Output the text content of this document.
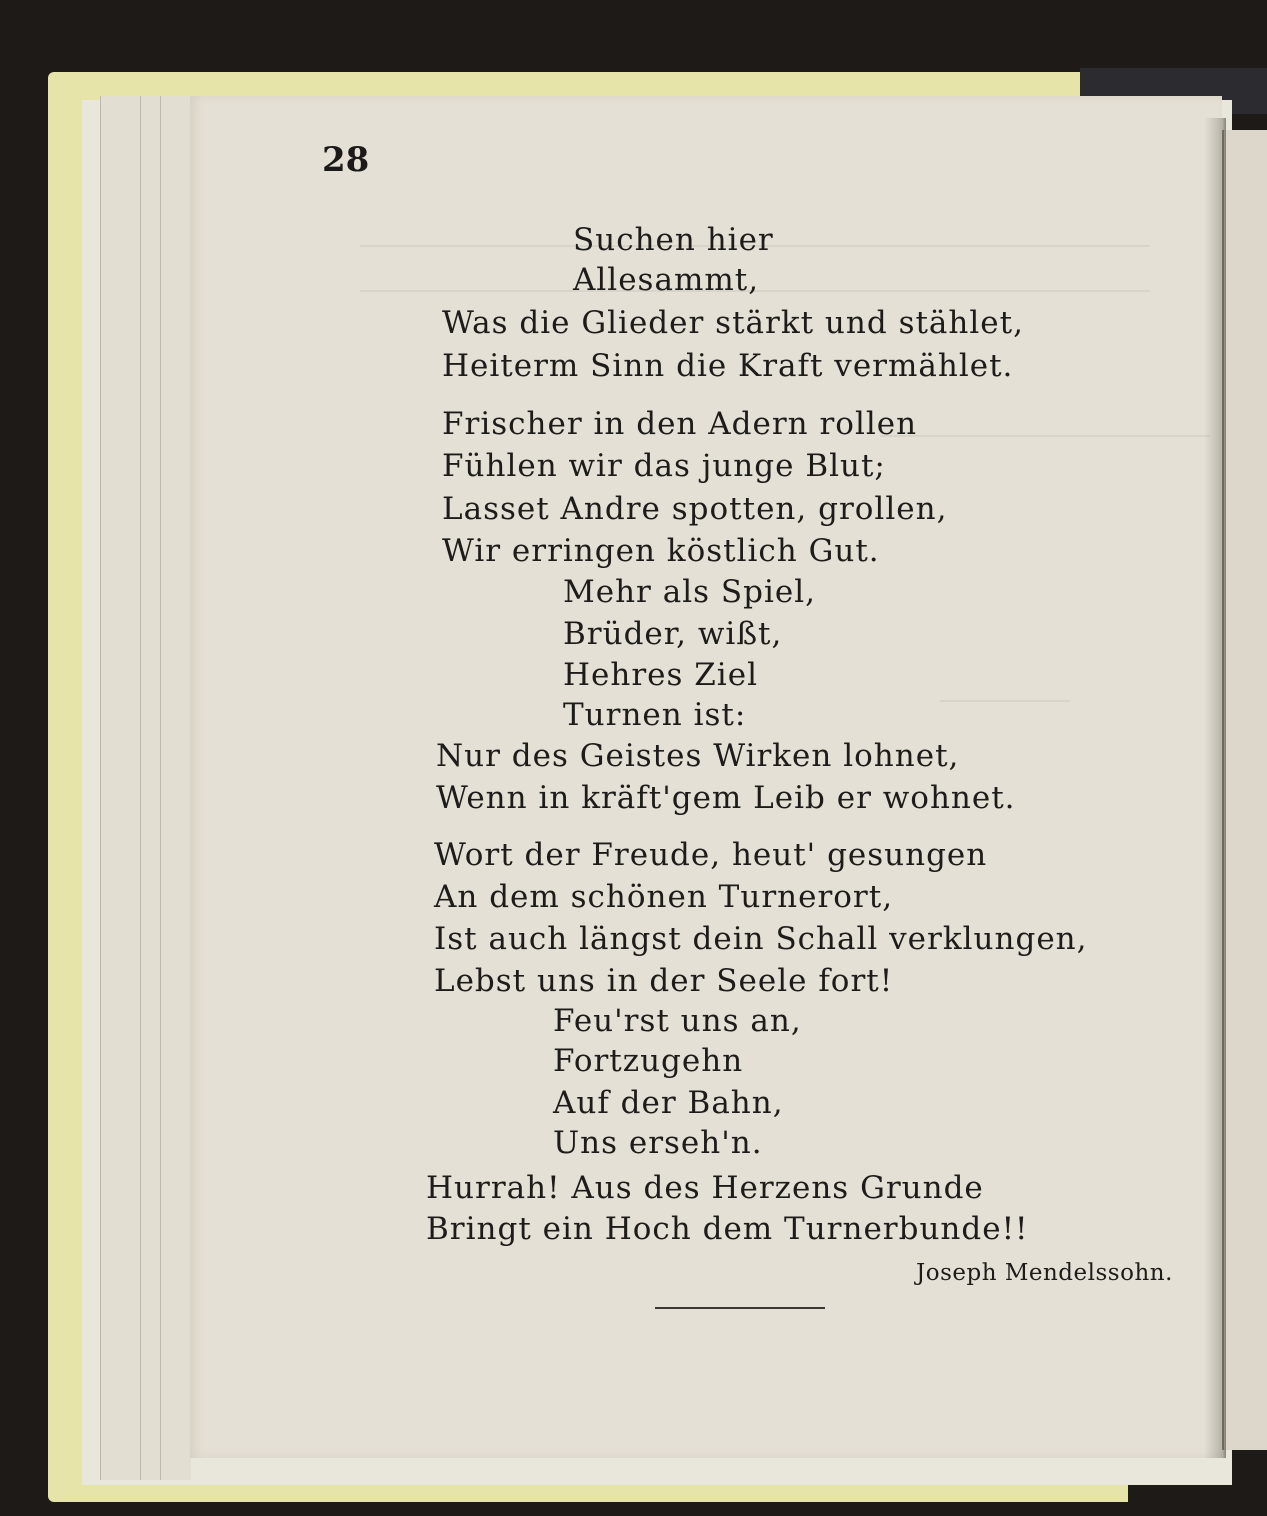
28

Suchen hier

Allesammt,

Was die Glieder stärkt und stählet,

Heiterm Sinn die Kraft vermählet.

Frischer in den Adern rollen

Fühlen wir das junge Blut;

Lasset Andre spotten, grollen,

Wir erringen köstlich Gut.

Mehr als Spiel,

Brüder, wißt,

Hehres Ziel

Turnen ist:

Nur des Geistes Wirken lohnet,

Wenn in kräft'gem Leib er wohnet.

Wort der Freude, heut' gesungen

An dem schönen Turnerort,

Ist auch längst dein Schall verklungen,

Lebst uns in der Seele fort!

Feu'rst uns an,

Fortzugehn

Auf der Bahn,

Uns erseh'n.

Hurrah! Aus des Herzens Grunde

Bringt ein Hoch dem Turnerbunde!!

Joseph Mendelssohn.
